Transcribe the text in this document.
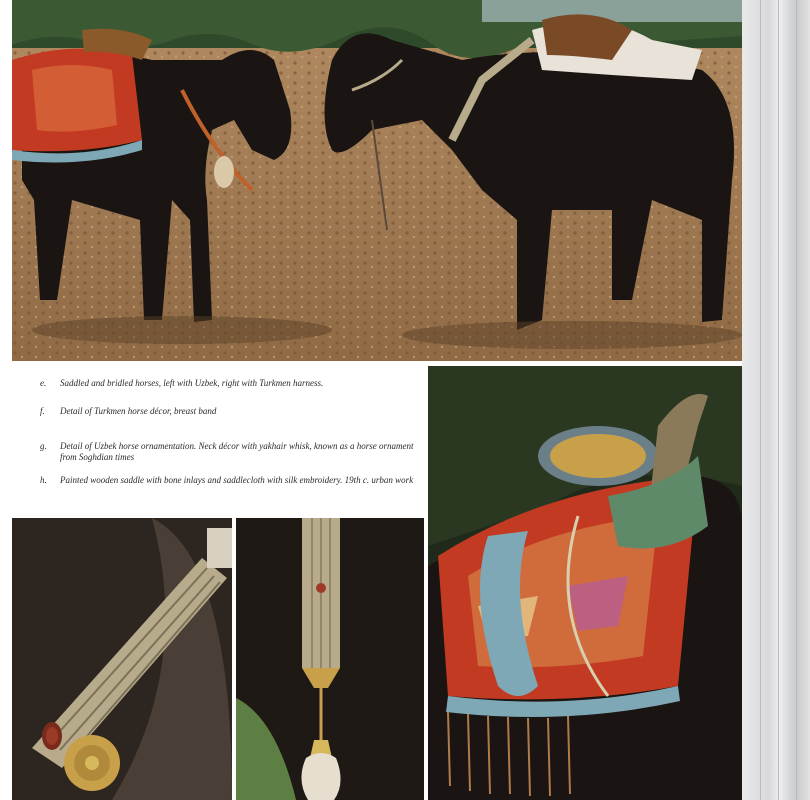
e. Saddled and bridled horses, left with Uzbek, right with Turkmen harness.
f. Detail of Turkmen horse décor, breast band
g. Detail of Uzbek horse ornamentation. Neck décor with yakhair whisk, known as a horse ornament from Soghdian times
h. Painted wooden saddle with bone inlays and saddlecloth with silk embroidery. 19th c. urban work
